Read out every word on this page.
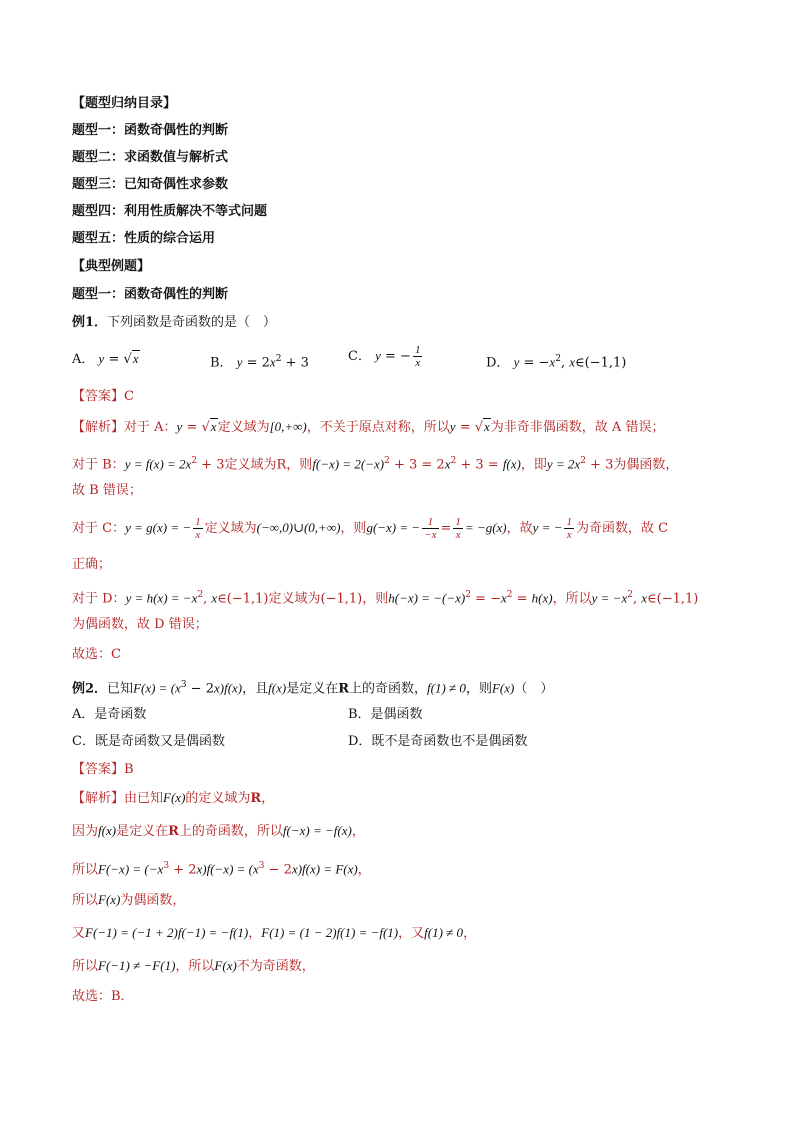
【题型归纳目录】
题型一：函数奇偶性的判断
题型二：求函数值与解析式
题型三：已知奇偶性求参数
题型四：利用性质解决不等式问题
题型五：性质的综合运用
【典型例题】
题型一：函数奇偶性的判断
例1．下列函数是奇函数的是（　）
A． y = √x	B． $y = 2x^2 + 3$	C． y = − $\frac{1}{x}$	D． $y = -x^2$, x∈(−1,1)
【答案】C
【解析】对于 A：y = √x定义域为[0,+∞)，不关于原点对称，所以y = √x为非奇非偶函数，故 A 错误；
对于 B：$y = f(x) = 2x^2 + 3$定义域为R，则$f(-x) = 2(-x)^2 + 3 = 2x^2 + 3 = f(x)$，即$y = 2x^2 + 3$为偶函数，
故 B 错误；
对于 C：y = g(x) = − $\frac{1}{x}$ 定义域为(−∞,0)∪(0,+∞)，则g(−x) = − $\frac{1}{-x} = \frac{1}{x} = -g(x)$，故y = − $\frac{1}{x}$ 为奇函数，故 C
正确；
对于 D：$y = h(x) = -x^2$, x∈(−1,1)定义域为(−1,1)，则$h(-x) = -(-x)^2 = -x^2 = h(x)$，所以$y = -x^2$, x∈(−1,1)
为偶函数，故 D 错误；
故选：C
例2．已知$F(x) = (x^3 - 2x)f(x)$，且f(x)是定义在R上的奇函数，f(1) ≠ 0，则F(x)（　）
A．是奇函数	B．是偶函数
C．既是奇函数又是偶函数	D．既不是奇函数也不是偶函数
【答案】B
【解析】由已知F(x)的定义域为R，
因为f(x)是定义在R上的奇函数，所以f(−x) = −f(x)，
所以$F(-x) = (-x^3 + 2x)f(-x) = (x^3 - 2x)f(x) = F(x)$，
所以F(x)为偶函数，
又F(−1) = (−1 + 2)f(−1) = −f(1)，F(1) = (1 − 2)f(1) = −f(1)，又f(1) ≠ 0，
所以F(−1) ≠ −F(1)，所以F(x)不为奇函数，
故选：B．
